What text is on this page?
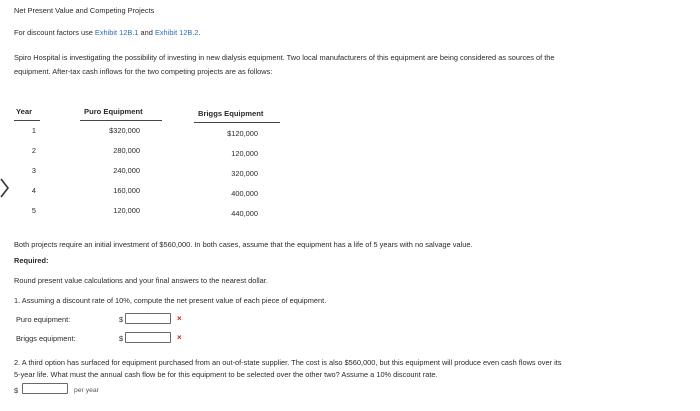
Net Present Value and Competing Projects
For discount factors use Exhibit 12B.1 and Exhibit 12B.2.
Spiro Hospital is investigating the possibility of investing in new dialysis equipment. Two local manufacturers of this equipment are being considered as sources of the
equipment. After-tax cash inflows for the two competing projects are as follows:
Year	Puro Equipment	Briggs Equipment
1	$320,000	$120,000
2	280,000	120,000
3	240,000	320,000
4	160,000	400,000
5	120,000	440,000
Both projects require an initial investment of $560,000. In both cases, assume that the equipment has a life of 5 years with no salvage value.
Required:
Round present value calculations and your final answers to the nearest dollar.
1. Assuming a discount rate of 10%, compute the net present value of each piece of equipment.
Puro equipment:	$	×
Briggs equipment:	$	×
2. A third option has surfaced for equipment purchased from an out-of-state supplier. The cost is also $560,000, but this equipment will produce even cash flows over its
5-year life. What must the annual cash flow be for this equipment to be selected over the other two? Assume a 10% discount rate.
$	per year
